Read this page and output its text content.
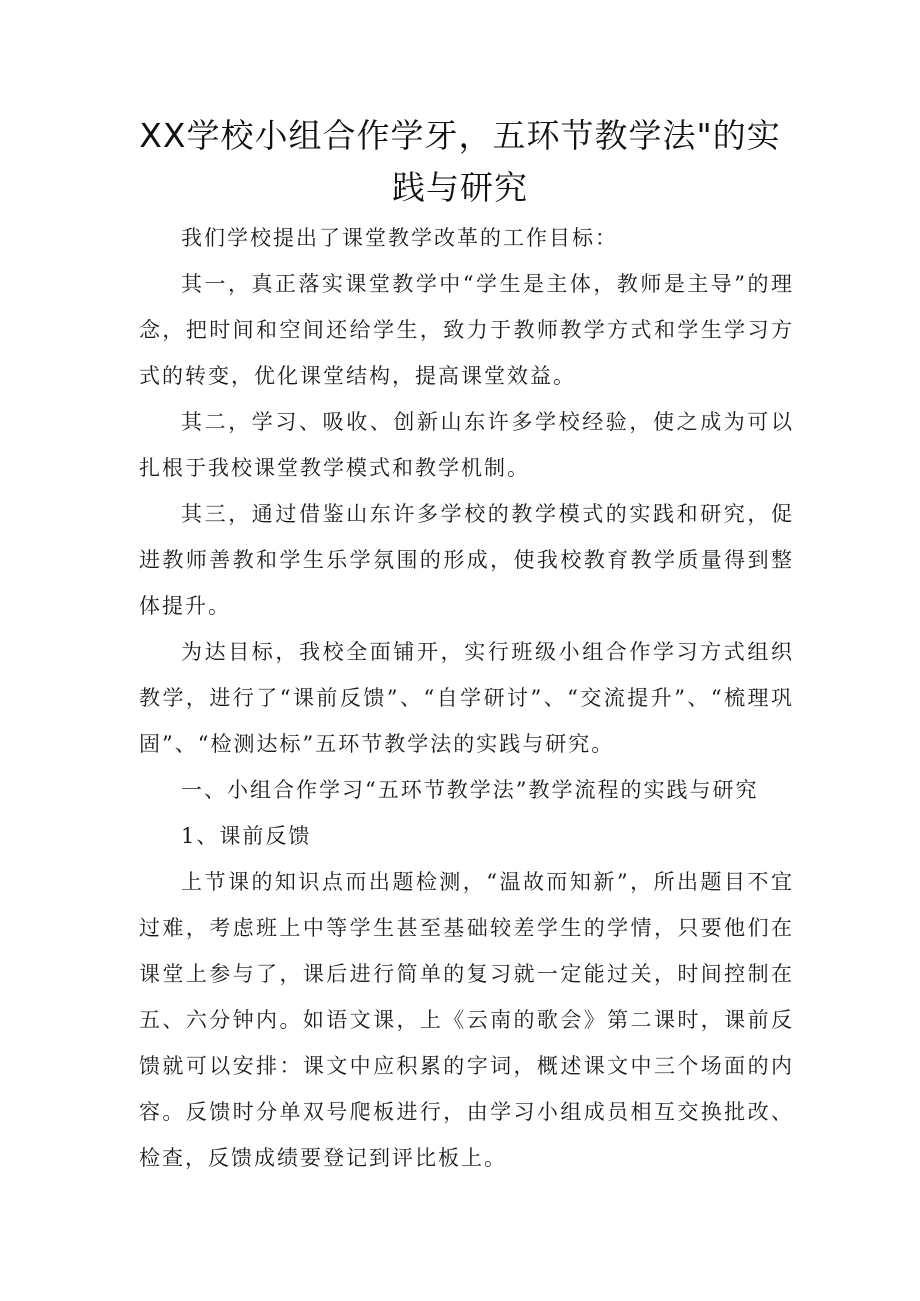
XX学校小组合作学牙，五环节教学法"的实
践与研究

我们学校提出了课堂教学改革的工作目标：

其一，真正落实课堂教学中“学生是主体，教师是主导”的理念，把时间和空间还给学生，致力于教师教学方式和学生学习方式的转变，优化课堂结构，提高课堂效益。

其二，学习、吸收、创新山东许多学校经验，使之成为可以扎根于我校课堂教学模式和教学机制。

其三，通过借鉴山东许多学校的教学模式的实践和研究，促进教师善教和学生乐学氛围的形成，使我校教育教学质量得到整体提升。

为达目标，我校全面铺开，实行班级小组合作学习方式组织教学，进行了“课前反馈”、“自学研讨”、“交流提升”、“梳理巩固”、“检测达标”五环节教学法的实践与研究。

一、小组合作学习“五环节教学法”教学流程的实践与研究

1、课前反馈

上节课的知识点而出题检测，“温故而知新”，所出题目不宜过难，考虑班上中等学生甚至基础较差学生的学情，只要他们在课堂上参与了，课后进行简单的复习就一定能过关，时间控制在五、六分钟内。如语文课，上《云南的歌会》第二课时，课前反馈就可以安排：课文中应积累的字词，概述课文中三个场面的内容。反馈时分单双号爬板进行，由学习小组成员相互交换批改、检查，反馈成绩要登记到评比板上。
